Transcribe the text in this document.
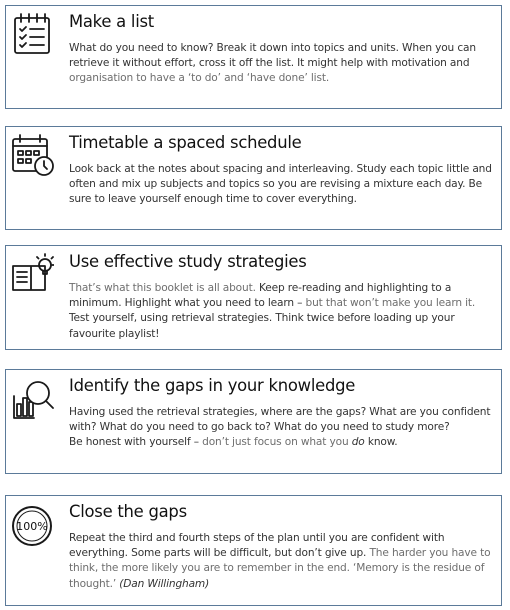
Make a list

What do you need to know? Break it down into topics and units. When you can retrieve it without effort, cross it off the list. It might help with motivation and organisation to have a ‘to do’ and ‘have done’ list.

Timetable a spaced schedule

Look back at the notes about spacing and interleaving. Study each topic little and often and mix up subjects and topics so you are revising a mixture each day. Be sure to leave yourself enough time to cover everything.

Use effective study strategies

That’s what this booklet is all about. Keep re-reading and highlighting to a minimum. Highlight what you need to learn – but that won’t make you learn it. Test yourself, using retrieval strategies. Think twice before loading up your favourite playlist!

Identify the gaps in your knowledge

Having used the retrieval strategies, where are the gaps? What are you confident with? What do you need to go back to? What do you need to study more?
Be honest with yourself – don’t just focus on what you do know.

100%
Close the gaps

Repeat the third and fourth steps of the plan until you are confident with everything. Some parts will be difficult, but don’t give up. The harder you have to think, the more likely you are to remember in the end. ‘Memory is the residue of thought.’ (Dan Willingham)
